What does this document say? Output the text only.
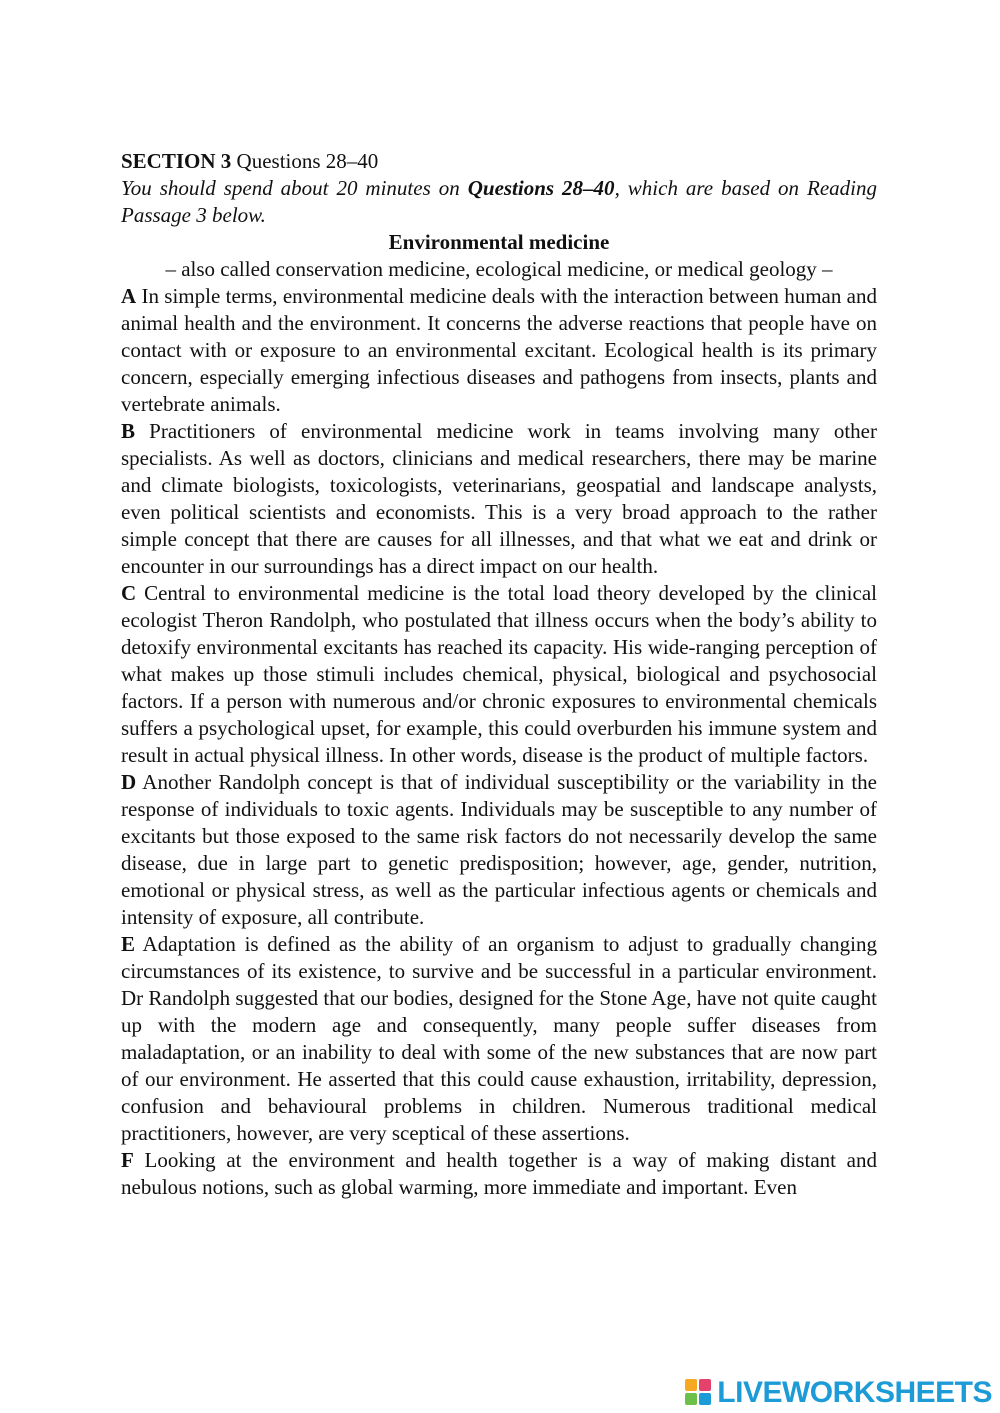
SECTION 3 Questions 28–40

You should spend about 20 minutes on Questions 28–40, which are based on Reading Passage 3 below.

Environmental medicine

– also called conservation medicine, ecological medicine, or medical geology –

A In simple terms, environmental medicine deals with the interaction between human and animal health and the environment. It concerns the adverse reactions that people have on contact with or exposure to an environmental excitant. Ecological health is its primary concern, especially emerging infectious diseases and pathogens from insects, plants and vertebrate animals.

B Practitioners of environmental medicine work in teams involving many other specialists. As well as doctors, clinicians and medical researchers, there may be marine and climate biologists, toxicologists, veterinarians, geospatial and landscape analysts, even political scientists and economists. This is a very broad approach to the rather simple concept that there are causes for all illnesses, and that what we eat and drink or encounter in our surroundings has a direct impact on our health.

C Central to environmental medicine is the total load theory developed by the clinical ecologist Theron Randolph, who postulated that illness occurs when the body’s ability to detoxify environmental excitants has reached its capacity. His wide-ranging perception of what makes up those stimuli includes chemical, physical, biological and psychosocial factors. If a person with numerous and/or chronic exposures to environmental chemicals suffers a psychological upset, for example, this could overburden his immune system and result in actual physical illness. In other words, disease is the product of multiple factors.

D Another Randolph concept is that of individual susceptibility or the variability in the response of individuals to toxic agents. Individuals may be susceptible to any number of excitants but those exposed to the same risk factors do not necessarily develop the same disease, due in large part to genetic predisposition; however, age, gender, nutrition, emotional or physical stress, as well as the particular infectious agents or chemicals and intensity of exposure, all contribute.

E Adaptation is defined as the ability of an organism to adjust to gradually changing circumstances of its existence, to survive and be successful in a particular environment. Dr Randolph suggested that our bodies, designed for the Stone Age, have not quite caught up with the modern age and consequently, many people suffer diseases from maladaptation, or an inability to deal with some of the new substances that are now part of our environment. He asserted that this could cause exhaustion, irritability, depression, confusion and behavioural problems in children. Numerous traditional medical practitioners, however, are very sceptical of these assertions.

F Looking at the environment and health together is a way of making distant and nebulous notions, such as global warming, more immediate and important. Even

LIVEWORKSHEETS
